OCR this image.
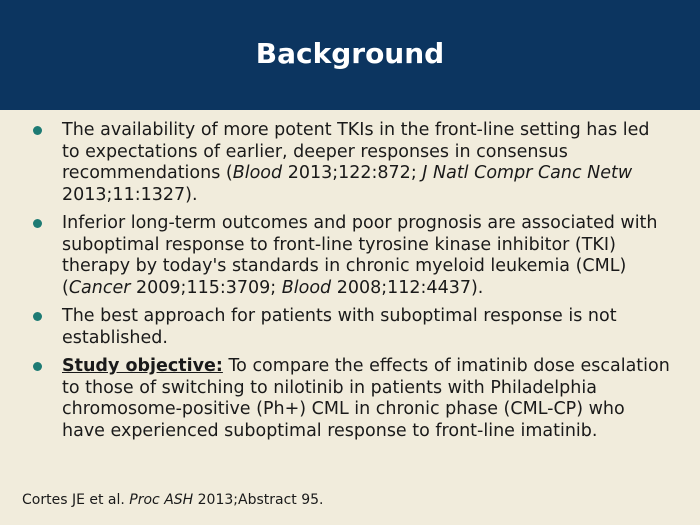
Background
The availability of more potent TKIs in the front-line setting has led to expectations of earlier, deeper responses in consensus recommendations (Blood 2013;122:872; J Natl Compr Canc Netw 2013;11:1327).
Inferior long-term outcomes and poor prognosis are associated with suboptimal response to front-line tyrosine kinase inhibitor (TKI) therapy by today's standards in chronic myeloid leukemia (CML) (Cancer 2009;115:3709; Blood 2008;112:4437).
The best approach for patients with suboptimal response is not established.
Study objective: To compare the effects of imatinib dose escalation to those of switching to nilotinib in patients with Philadelphia chromosome-positive (Ph+) CML in chronic phase (CML-CP) who have experienced suboptimal response to front-line imatinib.
Cortes JE et al. Proc ASH 2013;Abstract 95.
